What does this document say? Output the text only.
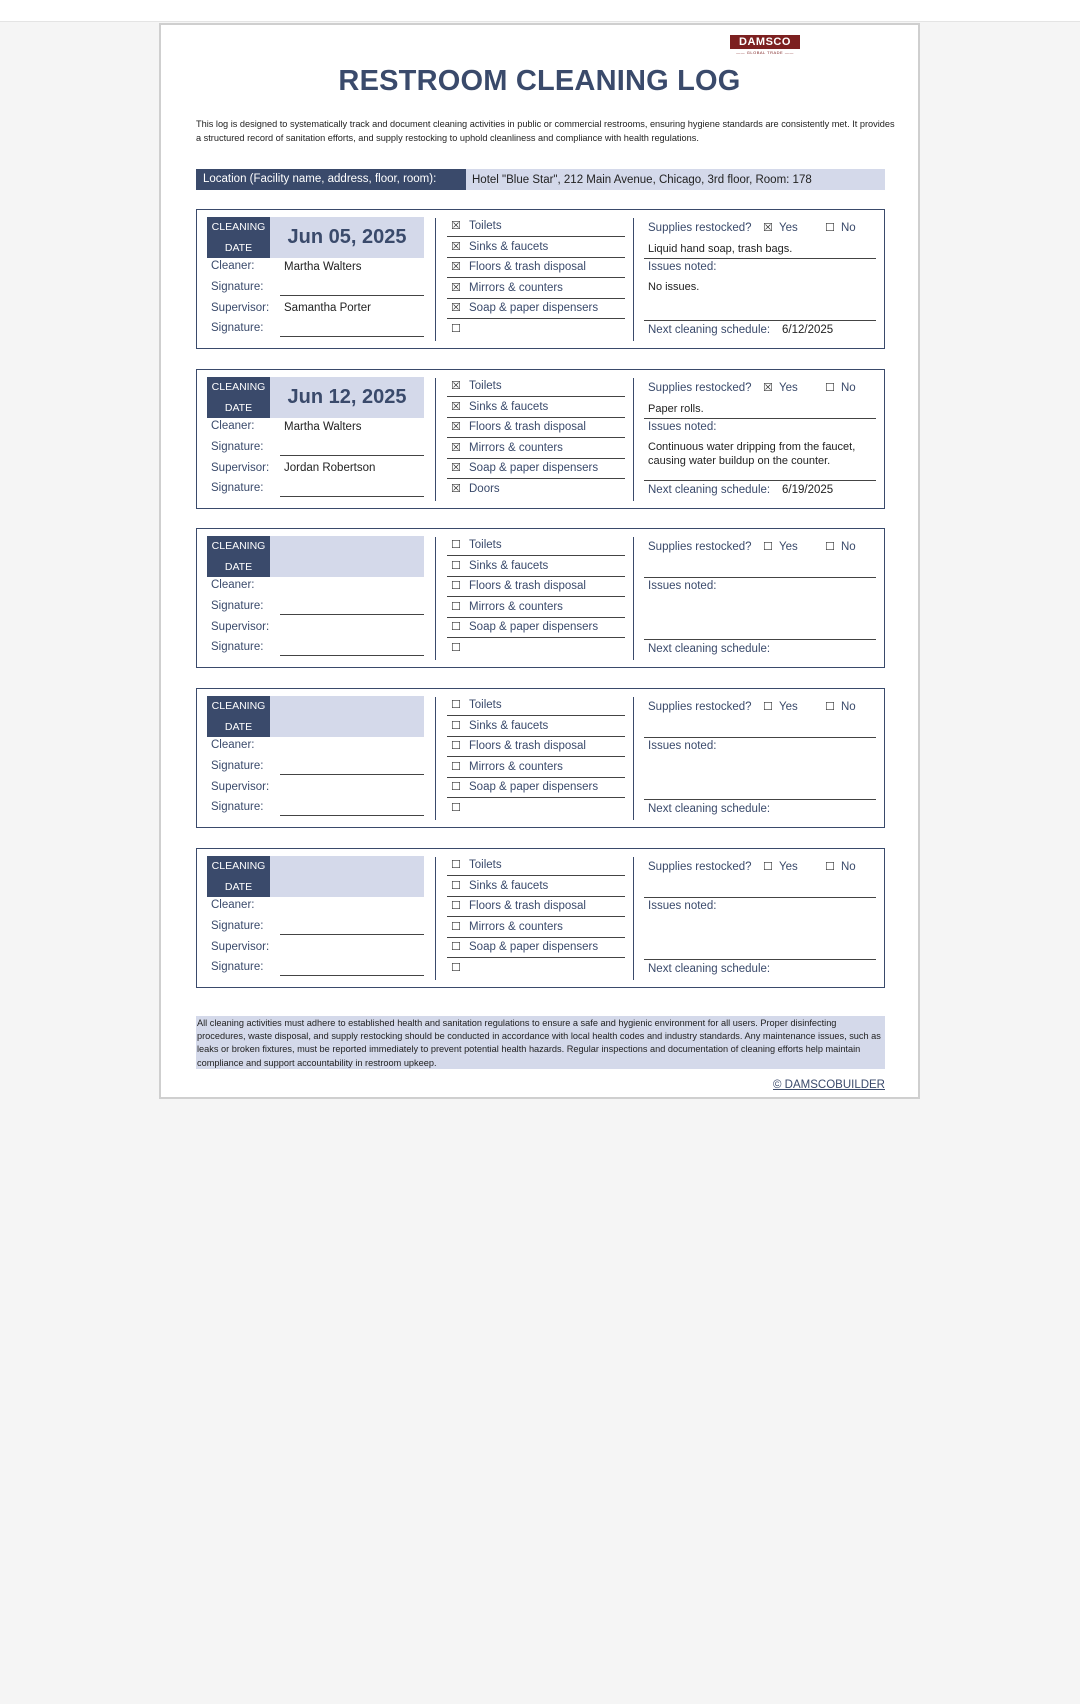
DAMSCO
—— GLOBAL TRADE ——
RESTROOM CLEANING LOG
This log is designed to systematically track and document cleaning activities in public or commercial restrooms, ensuring hygiene standards are consistently met. It provides a structured record of sanitation efforts, and supply restocking to uphold cleanliness and compliance with health regulations.
Location (Facility name, address, floor, room):	Hotel "Blue Star", 212 Main Avenue, Chicago, 3rd floor, Room: 178
CLEANING
DATE	Jun 05, 2025
Cleaner:	Martha Walters
Signature:
Supervisor:	Samantha Porter
Signature:
☒ Toilets
☒ Sinks & faucets
☒ Floors & trash disposal
☒ Mirrors & counters
☒ Soap & paper dispensers
☐
Supplies restocked? ☒ Yes ☐ No
Liquid hand soap, trash bags.
Issues noted:
No issues.
Next cleaning schedule: 6/12/2025
CLEANING
DATE	Jun 12, 2025
Cleaner:	Martha Walters
Signature:
Supervisor:	Jordan Robertson
Signature:
☒ Toilets
☒ Sinks & faucets
☒ Floors & trash disposal
☒ Mirrors & counters
☒ Soap & paper dispensers
☒ Doors
Supplies restocked? ☒ Yes ☐ No
Paper rolls.
Issues noted:
Continuous water dripping from the faucet, causing water buildup on the counter.
Next cleaning schedule: 6/19/2025
CLEANING
DATE
Cleaner:
Signature:
Supervisor:
Signature:
☐ Toilets
☐ Sinks & faucets
☐ Floors & trash disposal
☐ Mirrors & counters
☐ Soap & paper dispensers
☐
Supplies restocked? ☐ Yes ☐ No
Issues noted:
Next cleaning schedule:
CLEANING
DATE
Cleaner:
Signature:
Supervisor:
Signature:
☐ Toilets
☐ Sinks & faucets
☐ Floors & trash disposal
☐ Mirrors & counters
☐ Soap & paper dispensers
☐
Supplies restocked? ☐ Yes ☐ No
Issues noted:
Next cleaning schedule:
CLEANING
DATE
Cleaner:
Signature:
Supervisor:
Signature:
☐ Toilets
☐ Sinks & faucets
☐ Floors & trash disposal
☐ Mirrors & counters
☐ Soap & paper dispensers
☐
Supplies restocked? ☐ Yes ☐ No
Issues noted:
Next cleaning schedule:
All cleaning activities must adhere to established health and sanitation regulations to ensure a safe and hygienic environment for all users. Proper disinfecting procedures, waste disposal, and supply restocking should be conducted in accordance with local health codes and industry standards. Any maintenance issues, such as leaks or broken fixtures, must be reported immediately to prevent potential health hazards. Regular inspections and documentation of cleaning efforts help maintain compliance and support accountability in restroom upkeep.
© DAMSCOBUILDER
